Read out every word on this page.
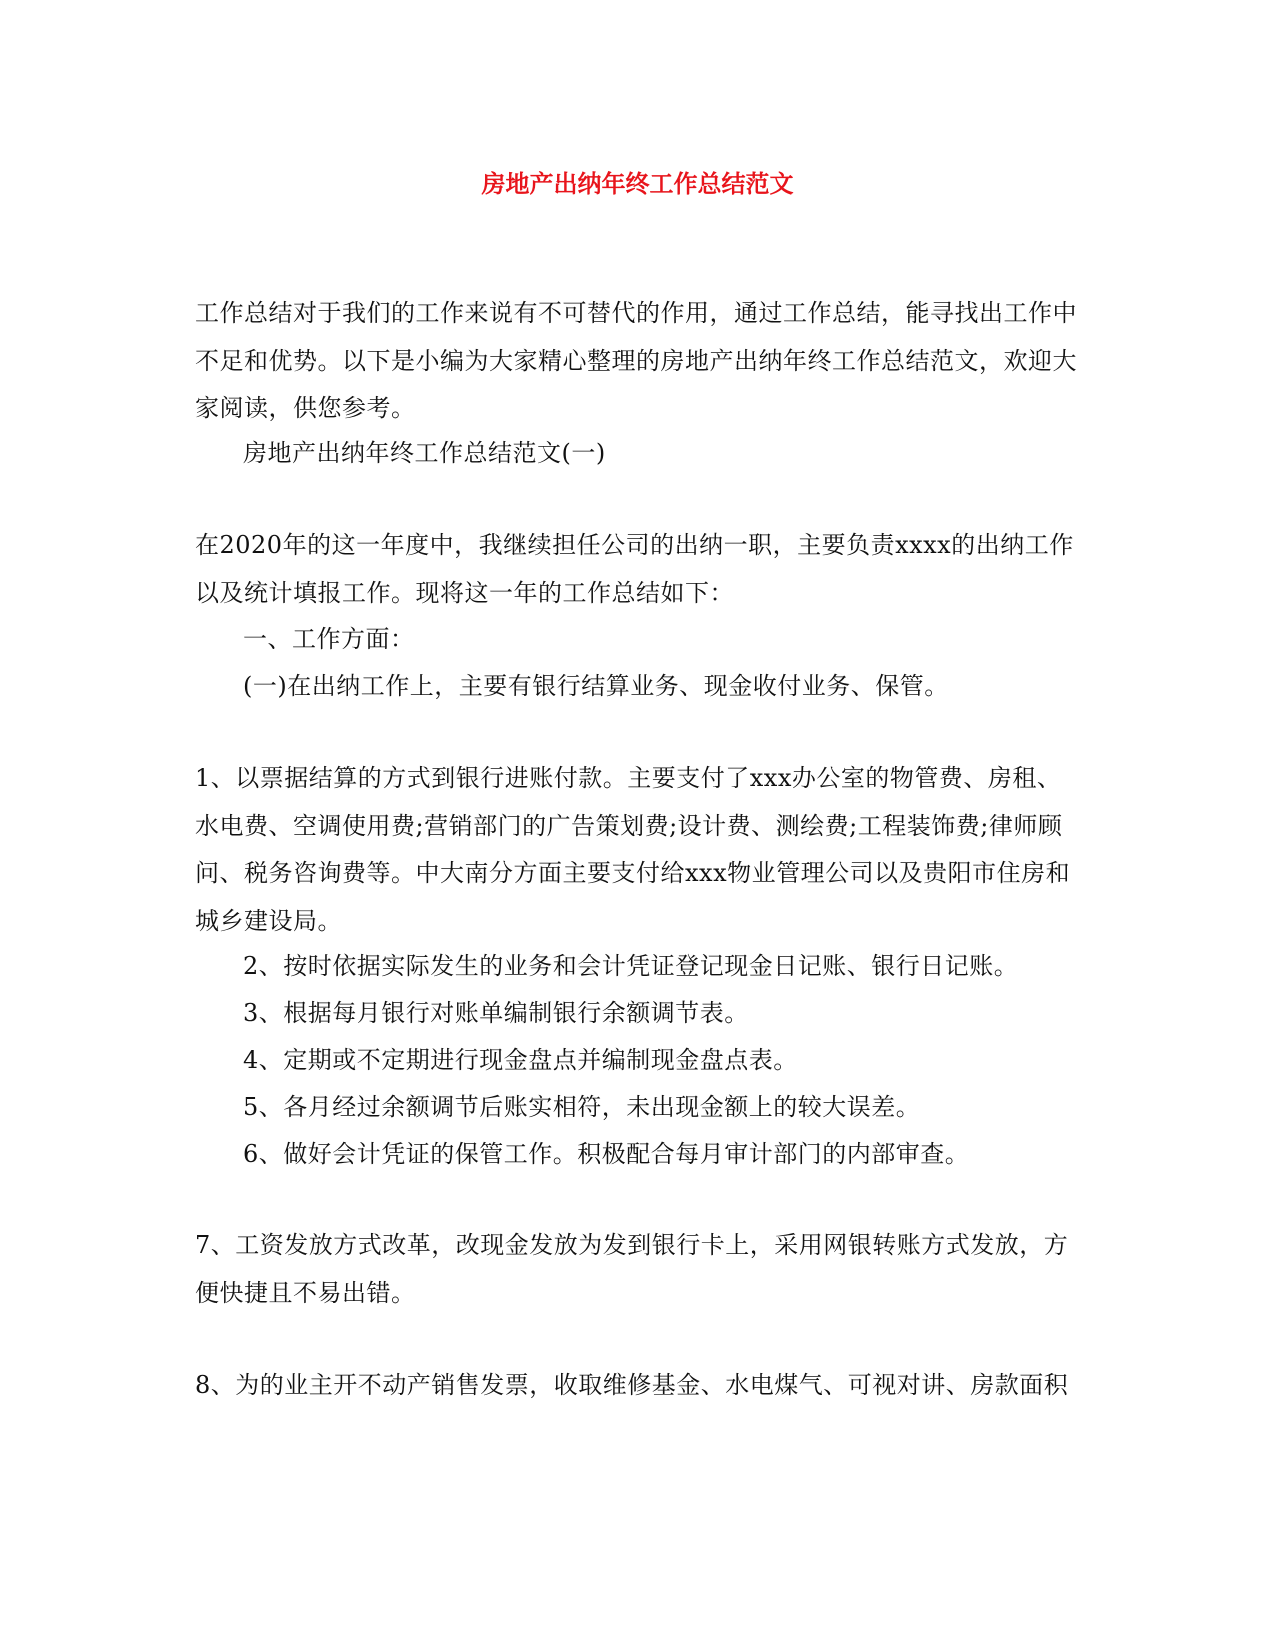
房地产出纳年终工作总结范文

工作总结对于我们的工作来说有不可替代的作用，通过工作总结，能寻找出工作中不足和优势。以下是小编为大家精心整理的房地产出纳年终工作总结范文，欢迎大家阅读，供您参考。

房地产出纳年终工作总结范文(一)

在2020年的这一年度中，我继续担任公司的出纳一职，主要负责xxxx的出纳工作以及统计填报工作。现将这一年的工作总结如下：

一、工作方面：

(一)在出纳工作上，主要有银行结算业务、现金收付业务、保管。

1、以票据结算的方式到银行进账付款。主要支付了xxx办公室的物管费、房租、水电费、空调使用费;营销部门的广告策划费;设计费、测绘费;工程装饰费;律师顾问、税务咨询费等。中大南分方面主要支付给xxx物业管理公司以及贵阳市住房和城乡建设局。

2、按时依据实际发生的业务和会计凭证登记现金日记账、银行日记账。

3、根据每月银行对账单编制银行余额调节表。

4、定期或不定期进行现金盘点并编制现金盘点表。

5、各月经过余额调节后账实相符，未出现金额上的较大误差。

6、做好会计凭证的保管工作。积极配合每月审计部门的内部审查。

7、工资发放方式改革，改现金发放为发到银行卡上，采用网银转账方式发放，方便快捷且不易出错。

8、为的业主开不动产销售发票，收取维修基金、水电煤气、可视对讲、房款面积
